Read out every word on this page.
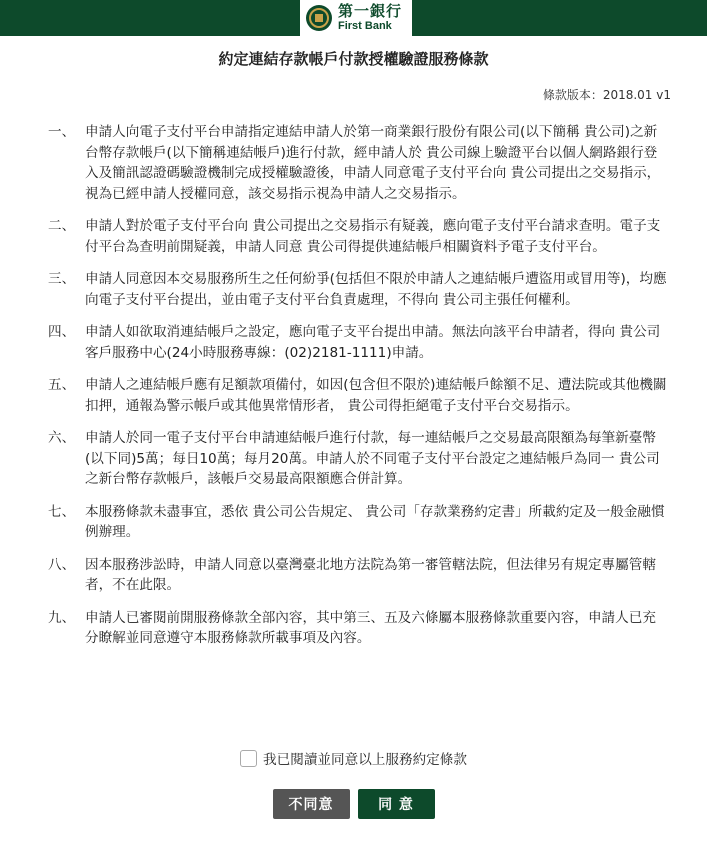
第一銀行
First Bank
約定連結存款帳戶付款授權驗證服務條款
條款版本：2018.01 v1
一、 申請人向電子支付平台申請指定連結申請人於第一商業銀行股份有限公司(以下簡稱 貴公司)之新台幣存款帳戶(以下簡稱連結帳戶)進行付款，經申請人於 貴公司線上驗證平台以個人網路銀行登入及簡訊認證碼驗證機制完成授權驗證後，申請人同意電子支付平台向 貴公司提出之交易指示，視為已經申請人授權同意，該交易指示視為申請人之交易指示。
二、 申請人對於電子支付平台向 貴公司提出之交易指示有疑義，應向電子支付平台請求查明。電子支付平台為查明前開疑義，申請人同意 貴公司得提供連結帳戶相關資料予電子支付平台。
三、 申請人同意因本交易服務所生之任何紛爭(包括但不限於申請人之連結帳戶遭盜用或冒用等)，均應向電子支付平台提出，並由電子支付平台負責處理，不得向 貴公司主張任何權利。
四、 申請人如欲取消連結帳戶之設定，應向電子支平台提出申請。無法向該平台申請者，得向 貴公司客戶服務中心(24小時服務專線：(02)2181-1111)申請。
五、 申請人之連結帳戶應有足額款項備付，如因(包含但不限於)連結帳戶餘額不足、遭法院或其他機關扣押，通報為警示帳戶或其他異常情形者， 貴公司得拒絕電子支付平台交易指示。
六、 申請人於同一電子支付平台申請連結帳戶進行付款，每一連結帳戶之交易最高限額為每筆新臺幣(以下同)5萬；每日10萬；每月20萬。申請人於不同電子支付平台設定之連結帳戶為同一 貴公司之新台幣存款帳戶，該帳戶交易最高限額應合併計算。
七、 本服務條款未盡事宜，悉依 貴公司公告規定、 貴公司「存款業務約定書」所載約定及一般金融慣例辦理。
八、 因本服務涉訟時，申請人同意以臺灣臺北地方法院為第一審管轄法院，但法律另有規定專屬管轄者，不在此限。
九、 申請人已審閱前開服務條款全部內容，其中第三、五及六條屬本服務條款重要內容，申請人已充分瞭解並同意遵守本服務條款所載事項及內容。
我已閱讀並同意以上服務約定條款
不同意	同 意
